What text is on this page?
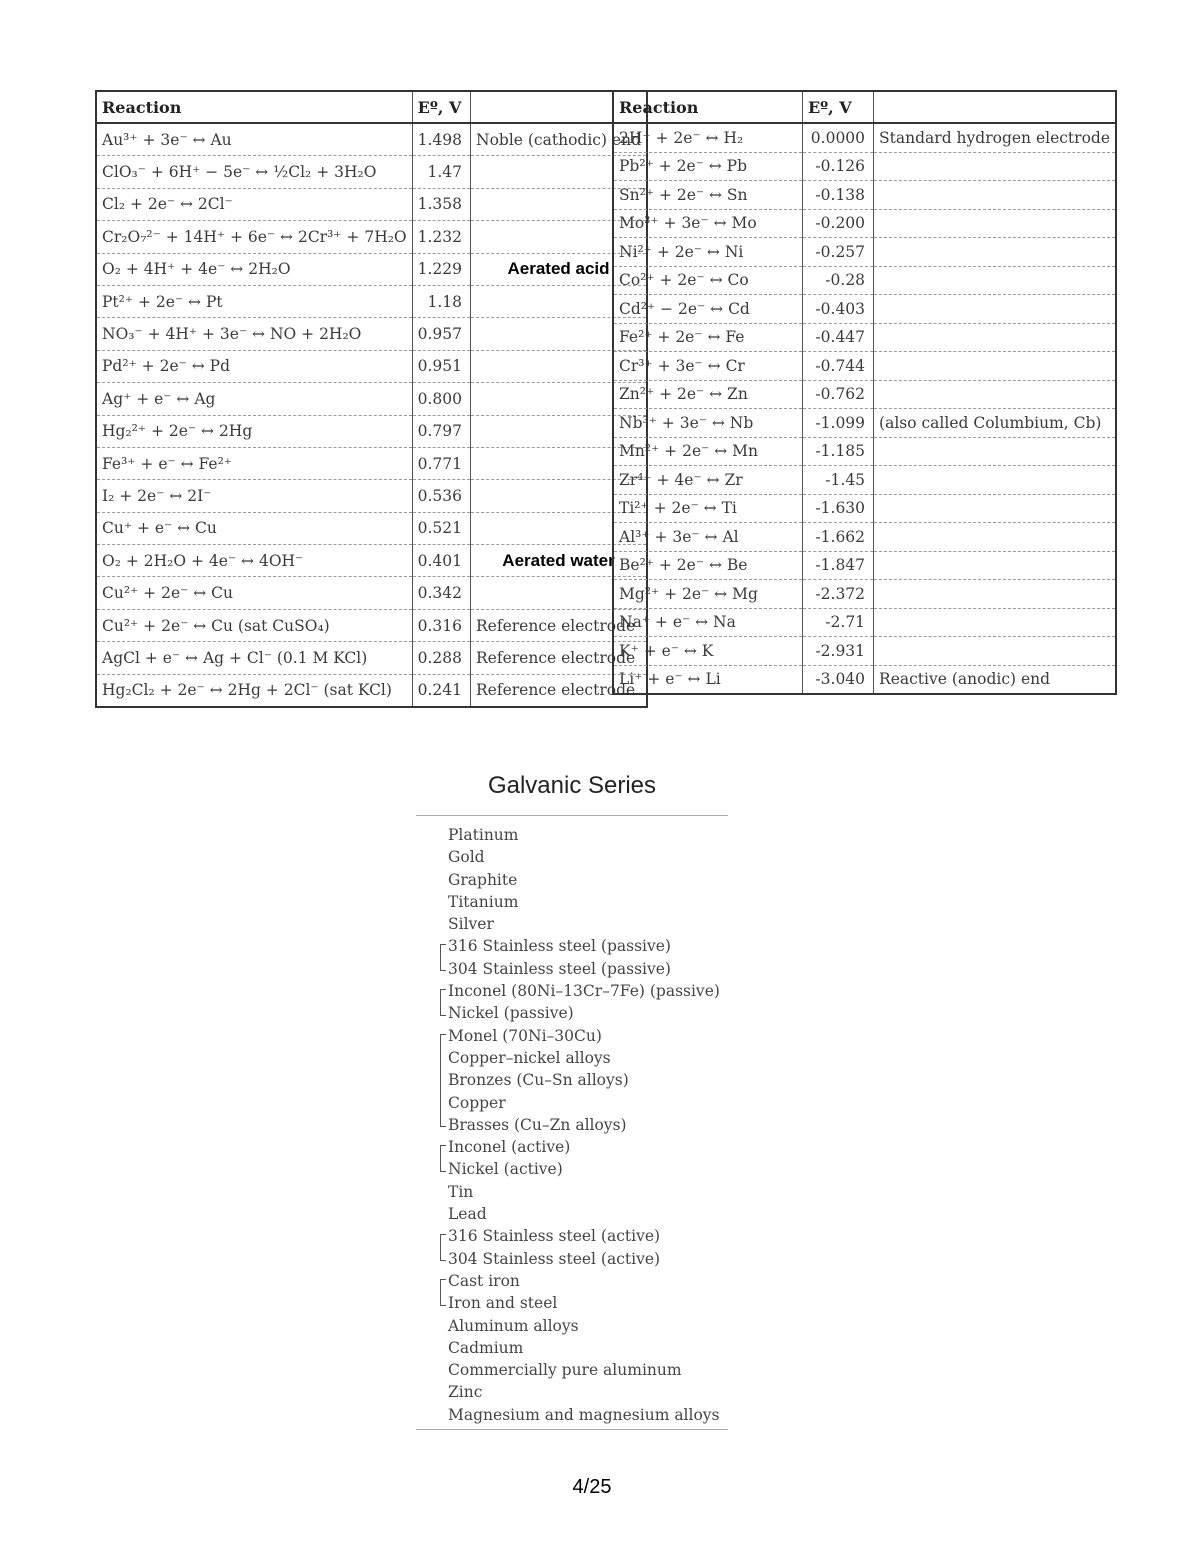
Reaction	Eº, V	
Au³⁺ + 3e⁻ ↔ Au	1.498	Noble (cathodic) end
ClO₃⁻ + 6H⁺ − 5e⁻ ↔ ½Cl₂ + 3H₂O	1.47	
Cl₂ + 2e⁻ ↔ 2Cl⁻	1.358	
Cr₂O₇²⁻ + 14H⁺ + 6e⁻ ↔ 2Cr³⁺ + 7H₂O	1.232	
O₂ + 4H⁺ + 4e⁻ ↔ 2H₂O	1.229	Aerated acid
Pt²⁺ + 2e⁻ ↔ Pt	1.18	
NO₃⁻ + 4H⁺ + 3e⁻ ↔ NO + 2H₂O	0.957	
Pd²⁺ + 2e⁻ ↔ Pd	0.951	
Ag⁺ + e⁻ ↔ Ag	0.800	
Hg₂²⁺ + 2e⁻ ↔ 2Hg	0.797	
Fe³⁺ + e⁻ ↔ Fe²⁺	0.771	
I₂ + 2e⁻ ↔ 2I⁻	0.536	
Cu⁺ + e⁻ ↔ Cu	0.521	
O₂ + 2H₂O + 4e⁻ ↔ 4OH⁻	0.401	Aerated water
Cu²⁺ + 2e⁻ ↔ Cu	0.342	
Cu²⁺ + 2e⁻ ↔ Cu (sat CuSO₄)	0.316	Reference electrode
AgCl + e⁻ ↔ Ag + Cl⁻ (0.1 M KCl)	0.288	Reference electrode
Hg₂Cl₂ + 2e⁻ ↔ 2Hg + 2Cl⁻ (sat KCl)	0.241	Reference electrode
Reaction	Eº, V	
2H⁺ + 2e⁻ ↔ H₂	0.0000	Standard hydrogen electrode
Pb²⁺ + 2e⁻ ↔ Pb	-0.126	
Sn²⁺ + 2e⁻ ↔ Sn	-0.138	
Mo³⁺ + 3e⁻ ↔ Mo	-0.200	
Ni²⁺ + 2e⁻ ↔ Ni	-0.257	
Co²⁺ + 2e⁻ ↔ Co	-0.28	
Cd²⁺ − 2e⁻ ↔ Cd	-0.403	
Fe²⁺ + 2e⁻ ↔ Fe	-0.447	
Cr³⁺ + 3e⁻ ↔ Cr	-0.744	
Zn²⁺ + 2e⁻ ↔ Zn	-0.762	
Nb³⁺ + 3e⁻ ↔ Nb	-1.099	(also called Columbium, Cb)
Mn²⁺ + 2e⁻ ↔ Mn	-1.185	
Zr⁴⁺ + 4e⁻ ↔ Zr	-1.45	
Ti²⁺ + 2e⁻ ↔ Ti	-1.630	
Al³⁺ + 3e⁻ ↔ Al	-1.662	
Be²⁺ + 2e⁻ ↔ Be	-1.847	
Mg²⁺ + 2e⁻ ↔ Mg	-2.372	
Na⁺ + e⁻ ↔ Na	-2.71	
K⁺ + e⁻ ↔ K	-2.931	
Li⁺ + e⁻ ↔ Li	-3.040	Reactive (anodic) end
Galvanic Series
Platinum
Gold
Graphite
Titanium
Silver
316 Stainless steel (passive)
304 Stainless steel (passive)
Inconel (80Ni–13Cr–7Fe) (passive)
Nickel (passive)
Monel (70Ni–30Cu)
Copper–nickel alloys
Bronzes (Cu–Sn alloys)
Copper
Brasses (Cu–Zn alloys)
Inconel (active)
Nickel (active)
Tin
Lead
316 Stainless steel (active)
304 Stainless steel (active)
Cast iron
Iron and steel
Aluminum alloys
Cadmium
Commercially pure aluminum
Zinc
Magnesium and magnesium alloys
4/25
